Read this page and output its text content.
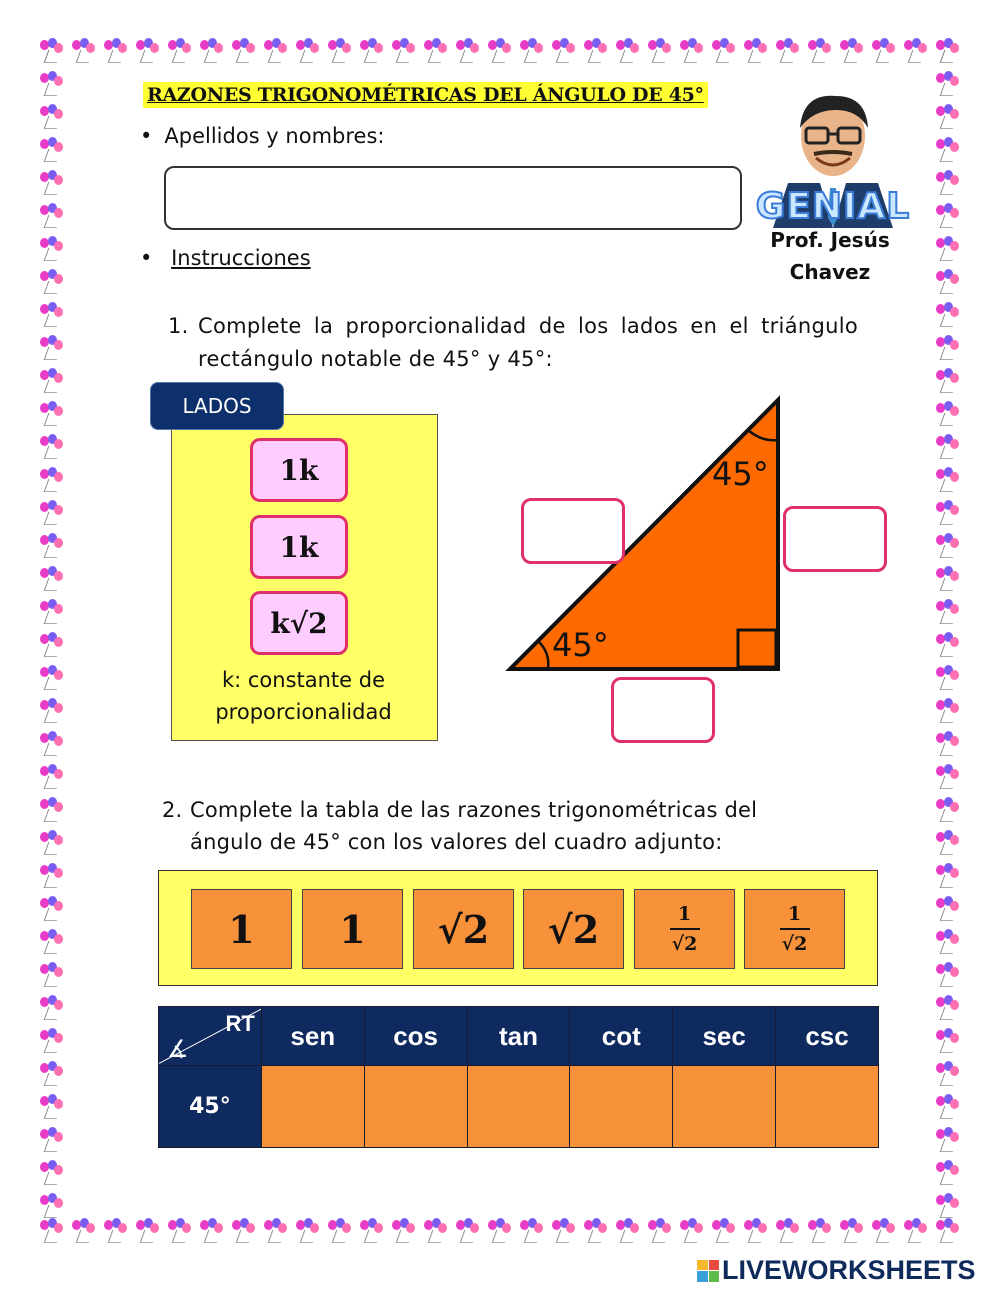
RAZONES TRIGONOMÉTRICAS DEL ÁNGULO DE 45°
• Apellidos y nombres:
• Instrucciones
GENIAL
Prof. Jesús
Chavez
1. Complete la proporcionalidad de los lados en el triángulo rectángulo notable de 45° y 45°:
LADOS
1k
1k
k√2
k: constante de
proporcionalidad
45°
45°
2. Complete la tabla de las razones trigonométricas del
ángulo de 45° con los valores del cuadro adjunto:
1 1 √2 √2	$\frac{1}{√2}$	$\frac{1}{√2}$
RT
∡	sen	cos	tan	cot	sec	csc
45°						
LIVEWORKSHEETS
